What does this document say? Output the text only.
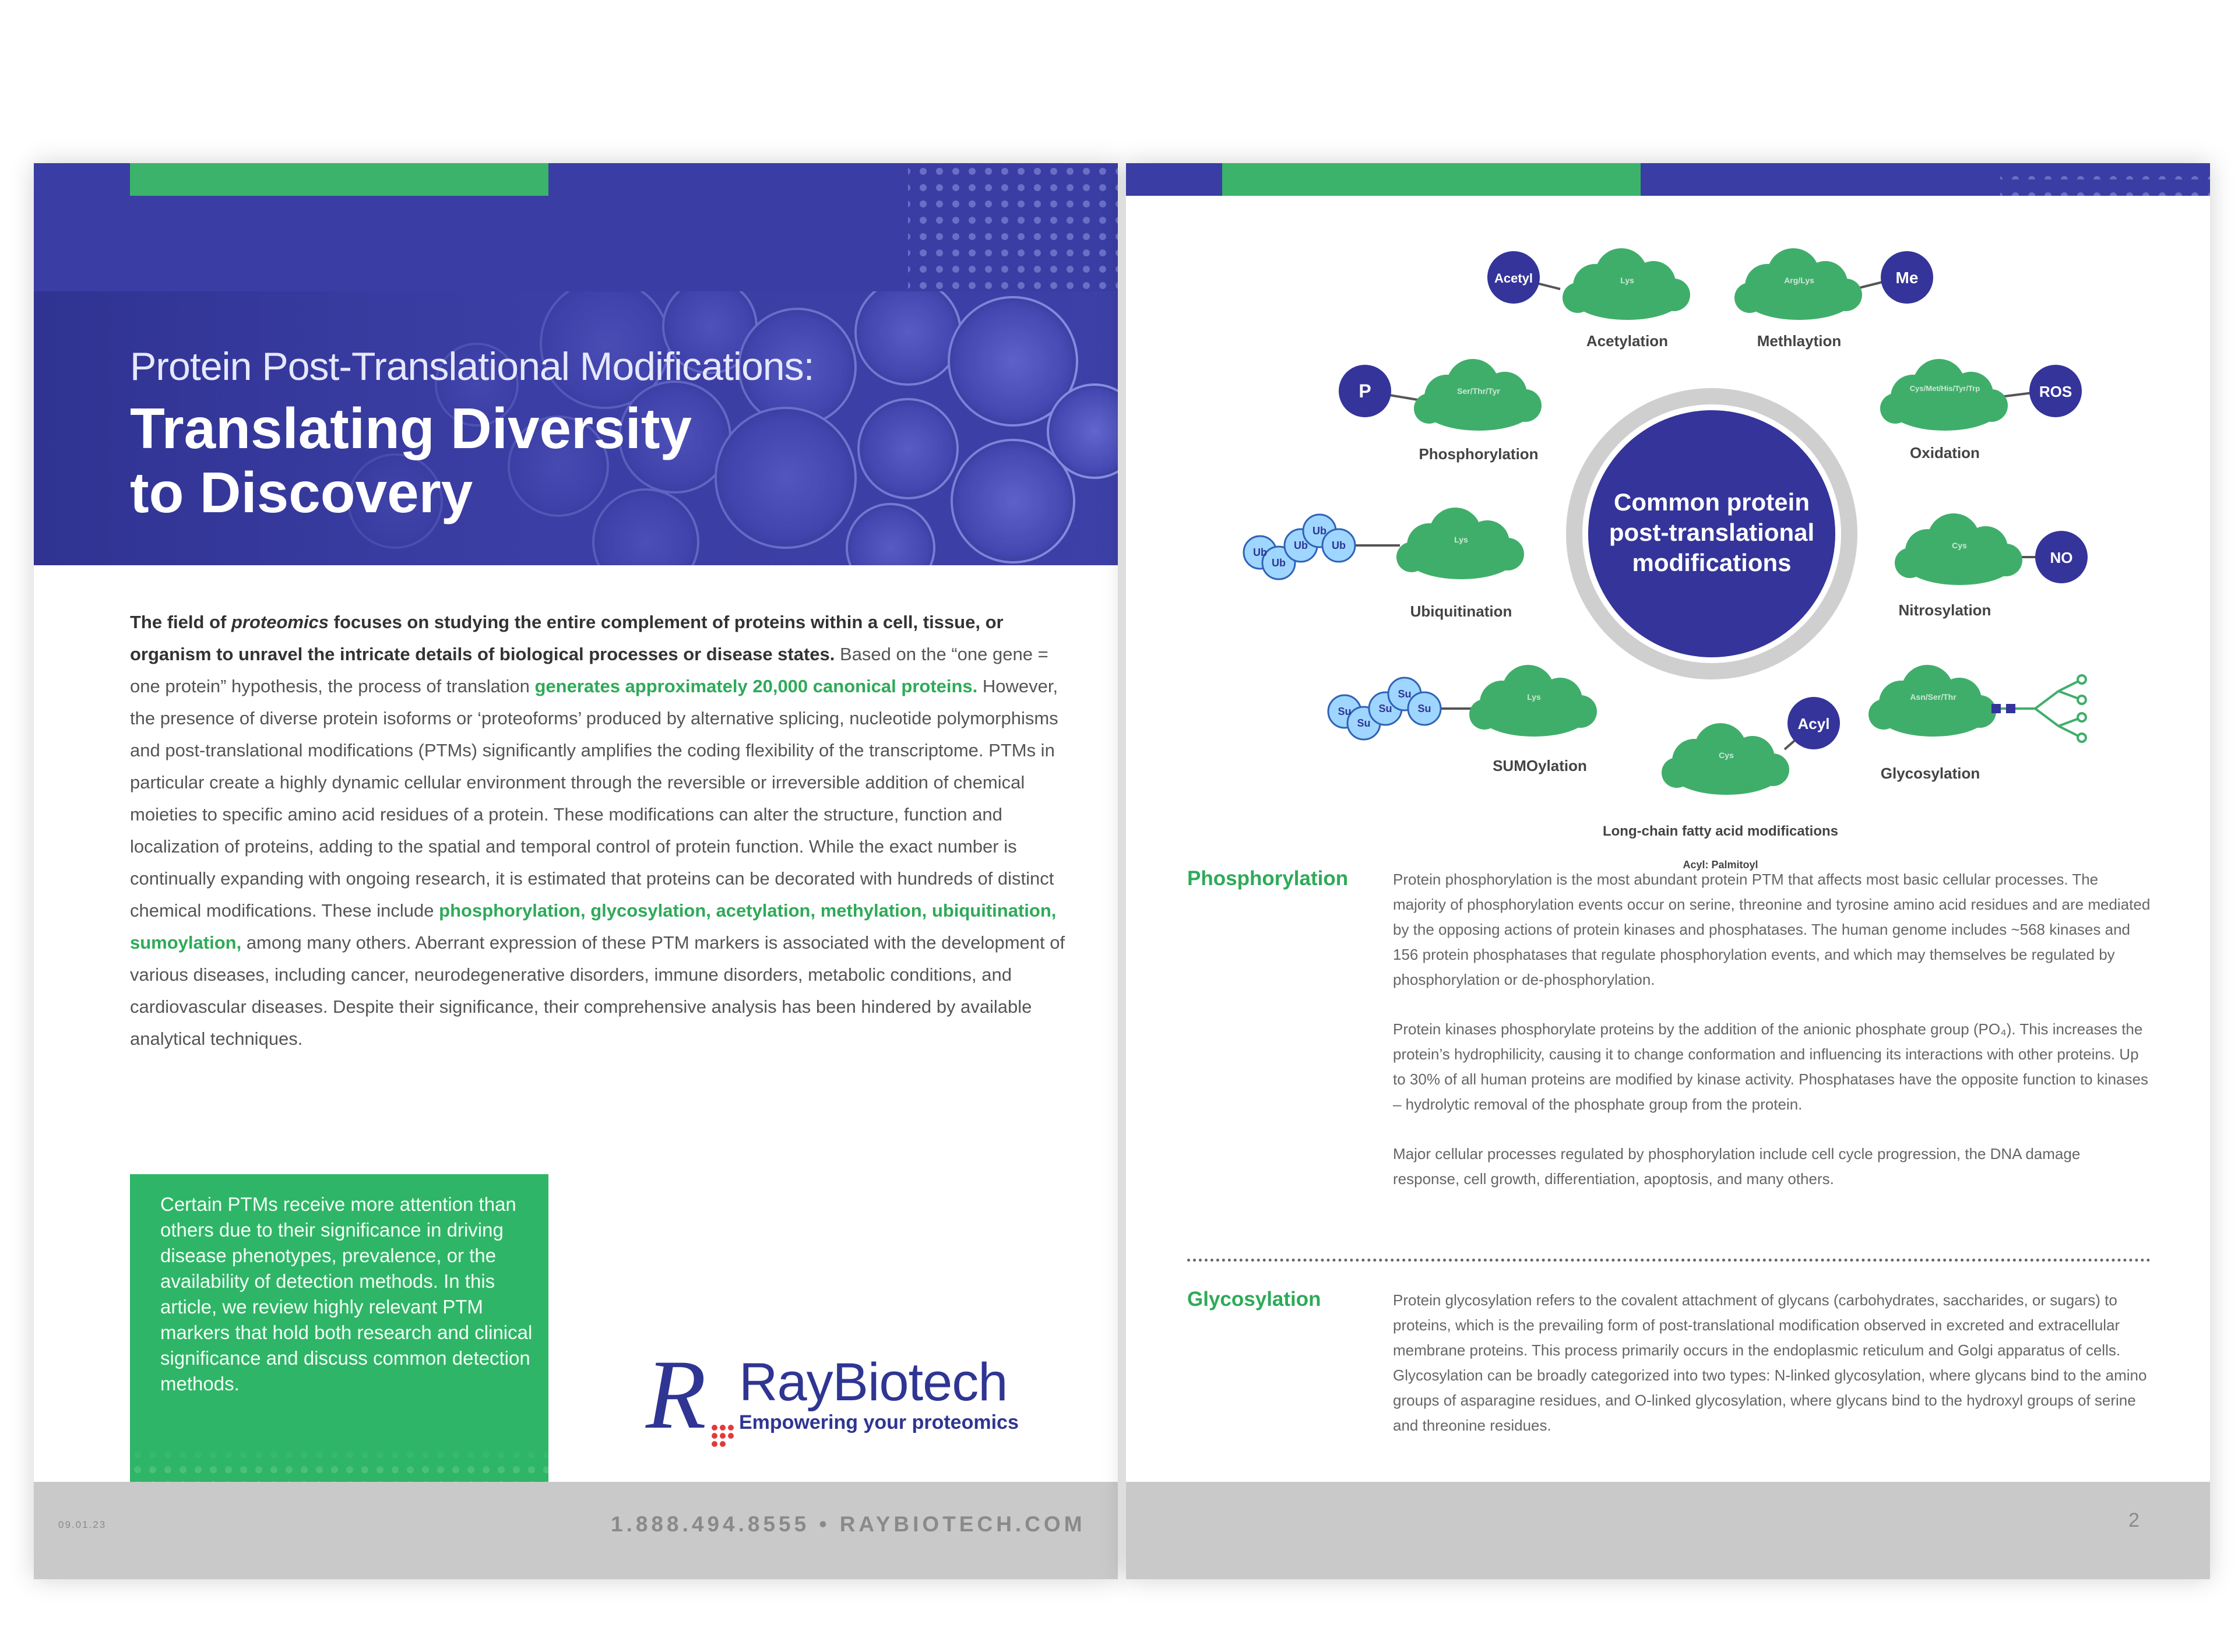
Protein Post-Translational Modifications:
Translating Diversity
to Discovery
The field of proteomics focuses on studying the entire complement of proteins within a cell, tissue, or organism to unravel the intricate details of biological processes or disease states. Based on the “one gene = one protein” hypothesis, the process of translation generates approximately 20,000 canonical proteins. However, the presence of diverse protein isoforms or ‘proteoforms’ produced by alternative splicing, nucleotide polymorphisms and post-translational modifications (PTMs) significantly amplifies the coding flexibility of the transcriptome. PTMs in particular create a highly dynamic cellular environment through the reversible or irreversible addition of chemical moieties to specific amino acid residues of a protein. These modifications can alter the structure, function and localization of proteins, adding to the spatial and temporal control of protein function. While the exact number is continually expanding with ongoing research, it is estimated that proteins can be decorated with hundreds of distinct chemical modifications. These include phosphorylation, glycosylation, acetylation, methylation, ubiquitination, sumoylation, among many others. Aberrant expression of these PTM markers is associated with the development of various diseases, including cancer, neurodegenerative disorders, immune disorders, metabolic conditions, and cardiovascular diseases. Despite their significance, their comprehensive analysis has been hindered by available analytical techniques.
Certain PTMs receive more attention than others due to their significance in driving disease phenotypes, prevalence, or the availability of detection methods. In this article, we review highly relevant PTM markers that hold both research and clinical significance and discuss common detection methods.	R RayBiotech
Empowering your proteomics
09.01.23	1.888.494.8555 • RAYBIOTECH.COM
Common protein
post-translational
modifications
Acetyl	Lys
Acetylation
Arg/Lys	Me
Methlaytion
P	Ser/Thr/Tyr
Phosphorylation
Cys/Met/His/Tyr/Trp	ROS
Oxidation
Ub
Ub
Ub
Ub
Ub	Lys
Ubiquitination
Cys
NO
Nitrosylation
Su
Su
Su
Su
Su
Lys
SUMOylation
Asn/Ser/Thr
Glycosylation
Cys
Acyl
Long-chain fatty acid modifications
Acyl: Palmitoyl
Phosphorylation	Protein phosphorylation is the most abundant protein PTM that affects most basic cellular processes. The majority of phosphorylation events occur on serine, threonine and tyrosine amino acid residues and are mediated by the opposing actions of protein kinases and phosphatases. The human genome includes ~568 kinases and 156 protein phosphatases that regulate phosphorylation events, and which may themselves be regulated by phosphorylation or de-phosphorylation.

Protein kinases phosphorylate proteins by the addition of the anionic phosphate group (PO₄). This increases the protein’s hydrophilicity, causing it to change conformation and influencing its interactions with other proteins. Up to 30% of all human proteins are modified by kinase activity. Phosphatases have the opposite function to kinases – hydrolytic removal of the phosphate group from the protein.

Major cellular processes regulated by phosphorylation include cell cycle progression, the DNA damage response, cell growth, differentiation, apoptosis, and many others.

Glycosylation	Protein glycosylation refers to the covalent attachment of glycans (carbohydrates, saccharides, or sugars) to proteins, which is the prevailing form of post-translational modification observed in excreted and extracellular membrane proteins. This process primarily occurs in the endoplasmic reticulum and Golgi apparatus of cells. Glycosylation can be broadly categorized into two types: N-linked glycosylation, where glycans bind to the amino groups of asparagine residues, and O-linked glycosylation, where glycans bind to the hydroxyl groups of serine and threonine residues.

2
